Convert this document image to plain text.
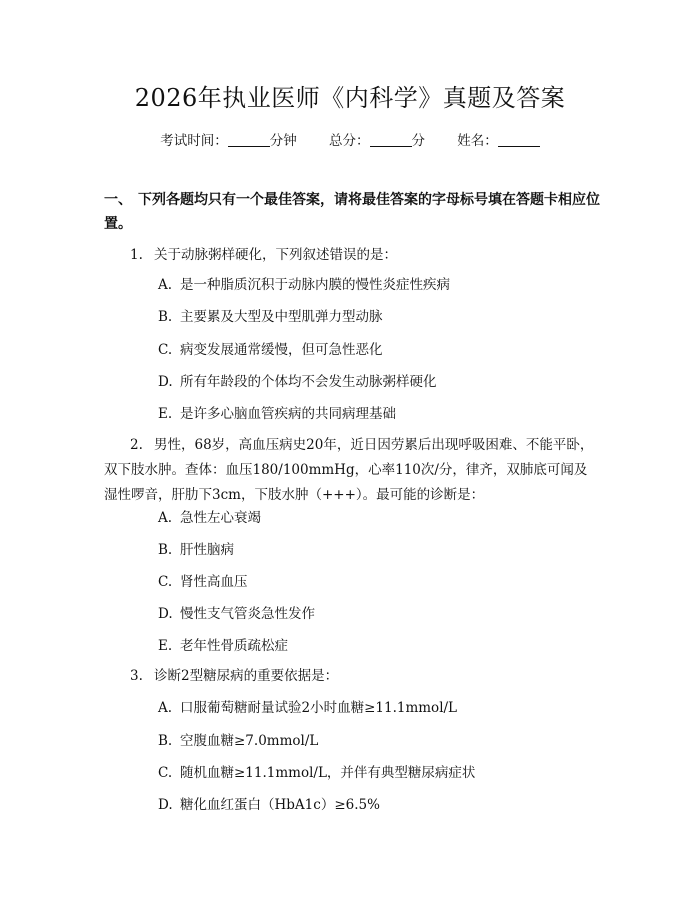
2026年执业医师《内科学》真题及答案
考试时间：	分钟 总分：	分 姓名：
一、 下列各题均只有一个最佳答案，请将最佳答案的字母标号填在答题卡相应位置。
1. 关于动脉粥样硬化，下列叙述错误的是：
A. 是一种脂质沉积于动脉内膜的慢性炎症性疾病
B. 主要累及大型及中型肌弹力型动脉
C. 病变发展通常缓慢，但可急性恶化
D. 所有年龄段的个体均不会发生动脉粥样硬化
E. 是许多心脑血管疾病的共同病理基础
2. 男性，68岁，高血压病史20年，近日因劳累后出现呼吸困难、不能平卧，双下肢水肿。查体：血压180/100mmHg，心率110次/分，律齐，双肺底可闻及湿性啰音，肝肋下3cm，下肢水肿（+++）。最可能的诊断是：
A. 急性左心衰竭
B. 肝性脑病
C. 肾性高血压
D. 慢性支气管炎急性发作
E. 老年性骨质疏松症
3. 诊断2型糖尿病的重要依据是：
A. 口服葡萄糖耐量试验2小时血糖≥11.1mmol/L
B. 空腹血糖≥7.0mmol/L
C. 随机血糖≥11.1mmol/L，并伴有典型糖尿病症状
D. 糖化血红蛋白（HbA1c）≥6.5%
